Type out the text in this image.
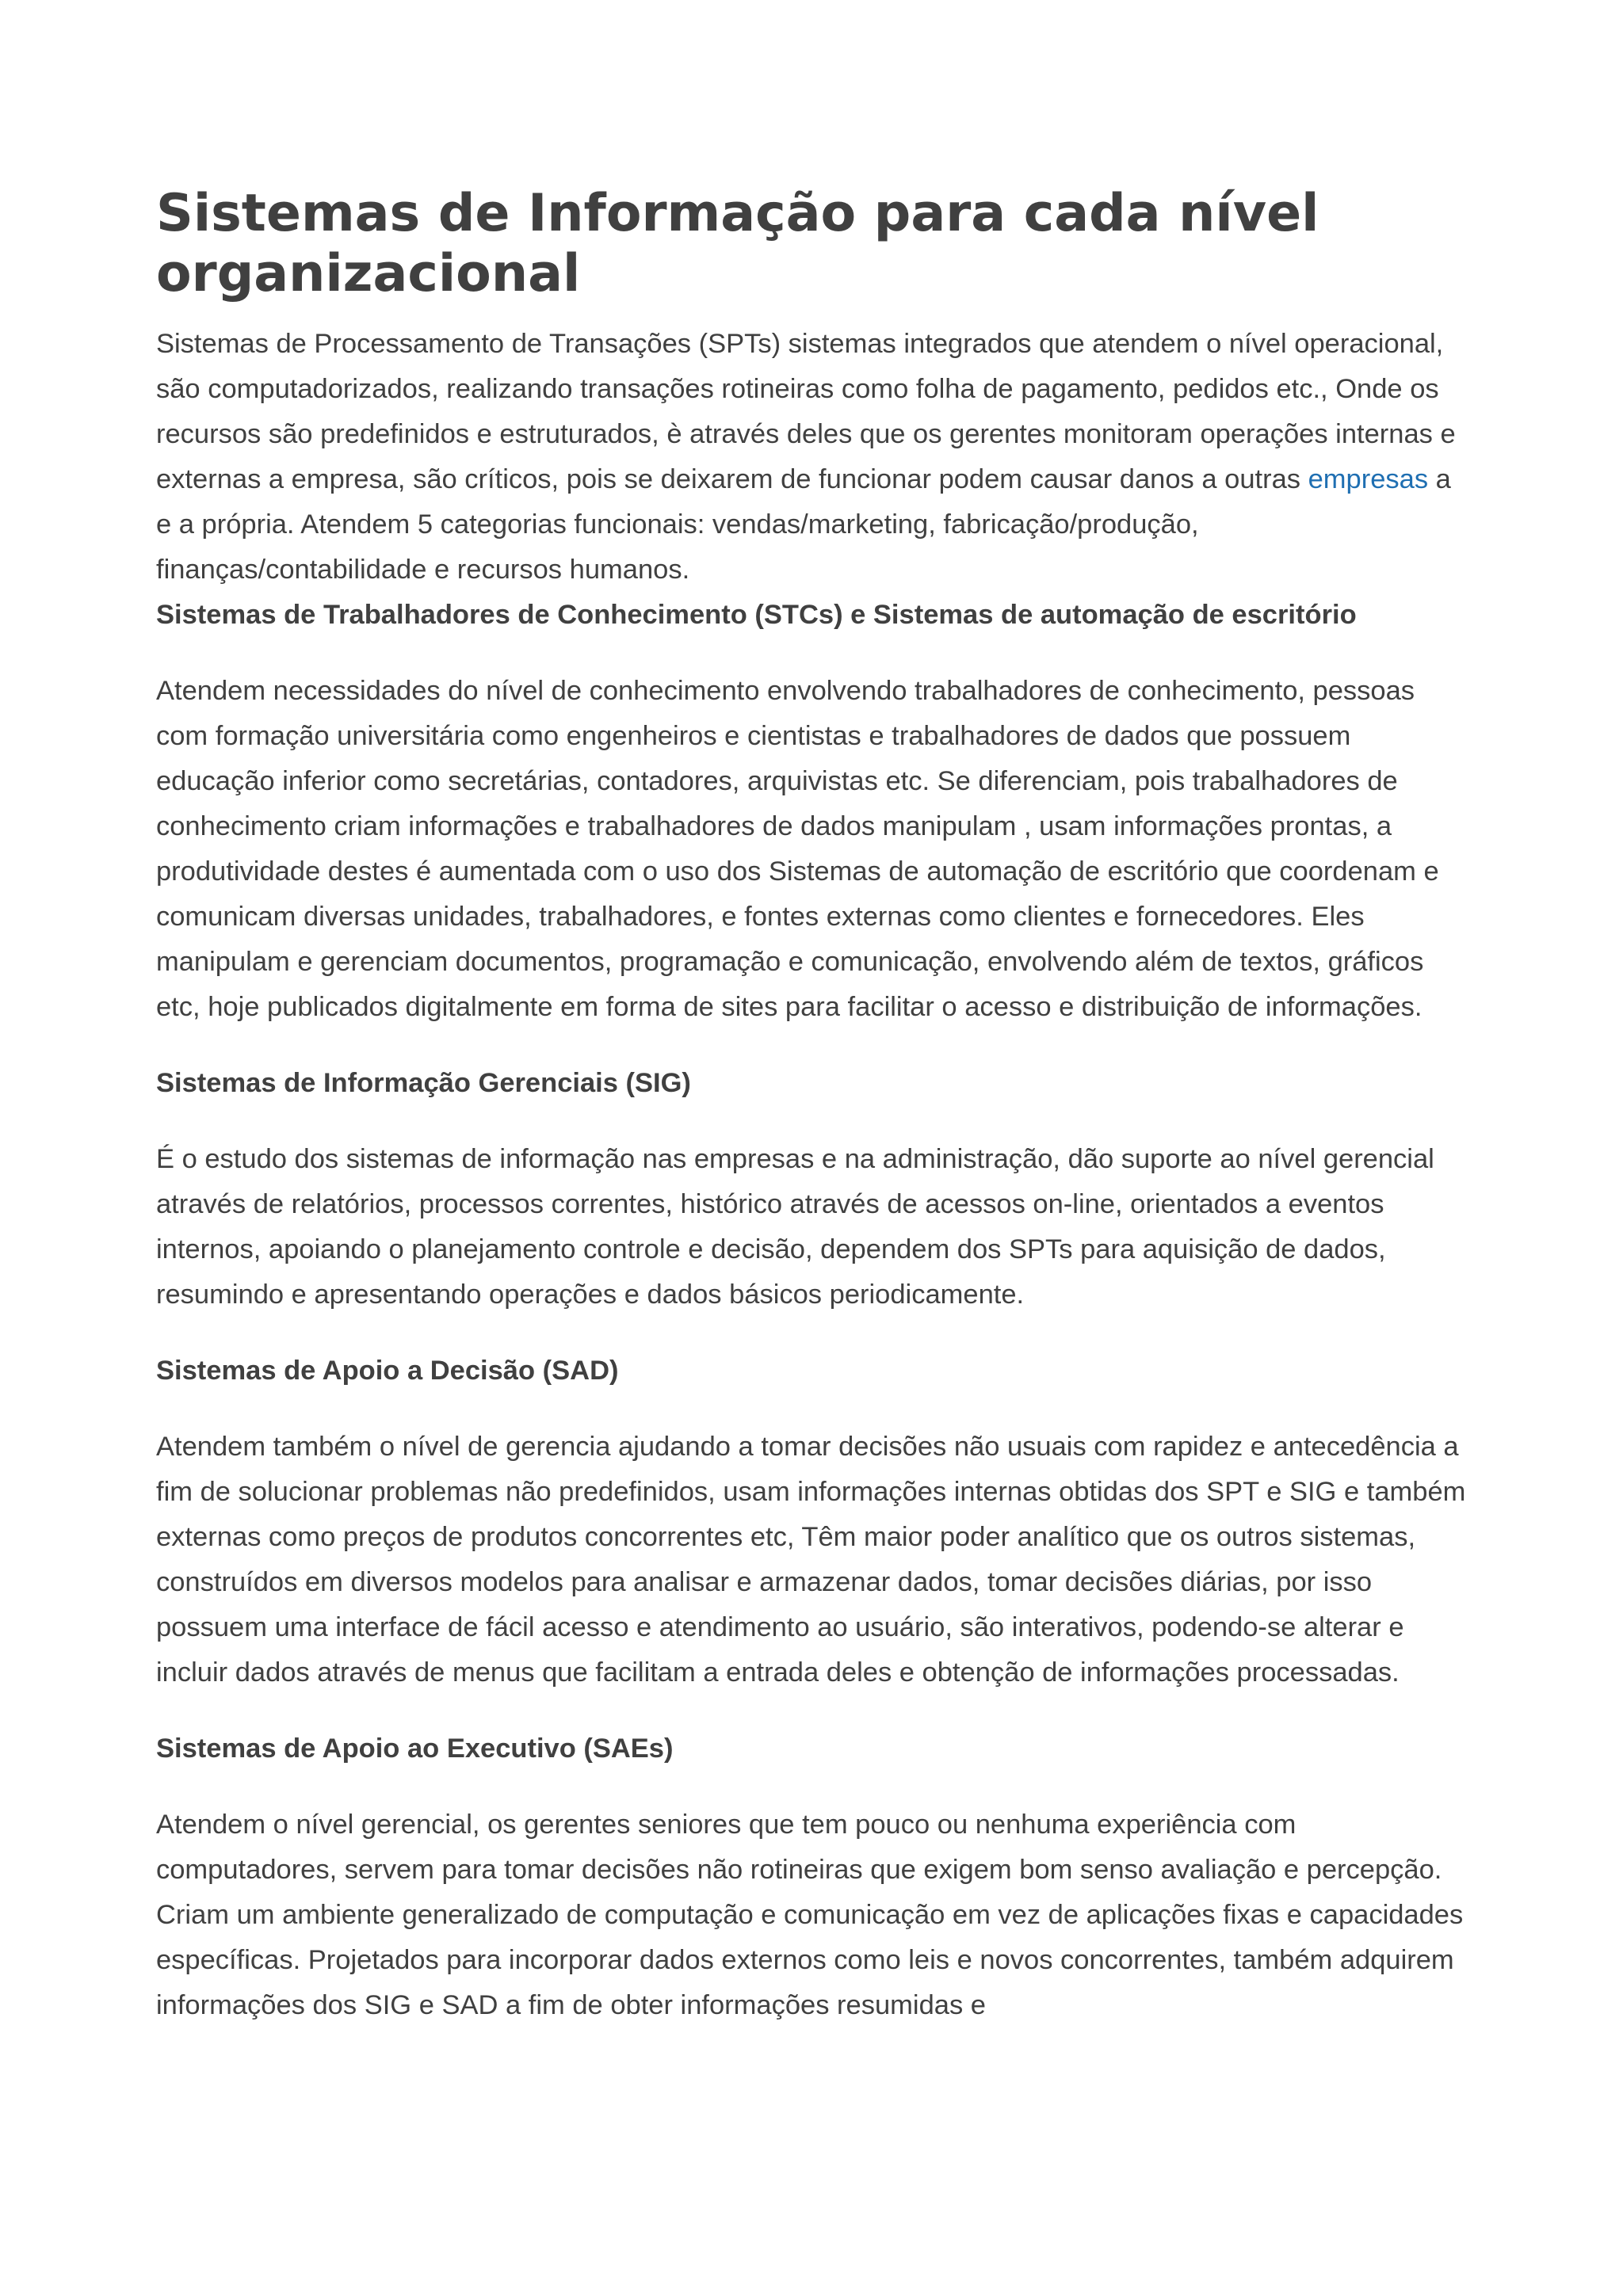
Sistemas de Informação para cada nível organizacional

Sistemas de Processamento de Transações (SPTs) sistemas integrados que atendem o nível operacional, são computadorizados, realizando transações rotineiras como folha de pagamento, pedidos etc., Onde os recursos são predefinidos e estruturados, è através deles que os gerentes monitoram operações internas e externas a empresa, são críticos, pois se deixarem de funcionar podem causar danos a outras empresas a e a própria. Atendem 5 categorias funcionais: vendas/marketing, fabricação/produção, finanças/contabilidade e recursos humanos.

Sistemas de Trabalhadores de Conhecimento (STCs) e Sistemas de automação de escritório

Atendem necessidades do nível de conhecimento envolvendo trabalhadores de conhecimento, pessoas com formação universitária como engenheiros e cientistas e trabalhadores de dados que possuem educação inferior como secretárias, contadores, arquivistas etc. Se diferenciam, pois trabalhadores de conhecimento criam informações e trabalhadores de dados manipulam , usam informações prontas, a produtividade destes é aumentada com o uso dos Sistemas de automação de escritório que coordenam e comunicam diversas unidades, trabalhadores, e fontes externas como clientes e fornecedores. Eles manipulam e gerenciam documentos, programação e comunicação, envolvendo além de textos, gráficos etc, hoje publicados digitalmente em forma de sites para facilitar o acesso e distribuição de informações.

Sistemas de Informação Gerenciais (SIG)

É o estudo dos sistemas de informação nas empresas e na administração, dão suporte ao nível gerencial através de relatórios, processos correntes, histórico através de acessos on-line, orientados a eventos internos, apoiando o planejamento controle e decisão, dependem dos SPTs para aquisição de dados, resumindo e apresentando operações e dados básicos periodicamente.

Sistemas de Apoio a Decisão (SAD)

Atendem também o nível de gerencia ajudando a tomar decisões não usuais com rapidez e antecedência a fim de solucionar problemas não predefinidos, usam informações internas obtidas dos SPT e SIG e também externas como preços de produtos concorrentes etc, Têm maior poder analítico que os outros sistemas, construídos em diversos modelos para analisar e armazenar dados, tomar decisões diárias, por isso possuem uma interface de fácil acesso e atendimento ao usuário, são interativos, podendo-se alterar e incluir dados através de menus que facilitam a entrada deles e obtenção de informações processadas.

Sistemas de Apoio ao Executivo (SAEs)

Atendem o nível gerencial, os gerentes seniores que tem pouco ou nenhuma experiência com computadores, servem para tomar decisões não rotineiras que exigem bom senso avaliação e percepção. Criam um ambiente generalizado de computação e comunicação em vez de aplicações fixas e capacidades específicas. Projetados para incorporar dados externos como leis e novos concorrentes, também adquirem informações dos SIG e SAD a fim de obter informações resumidas e
